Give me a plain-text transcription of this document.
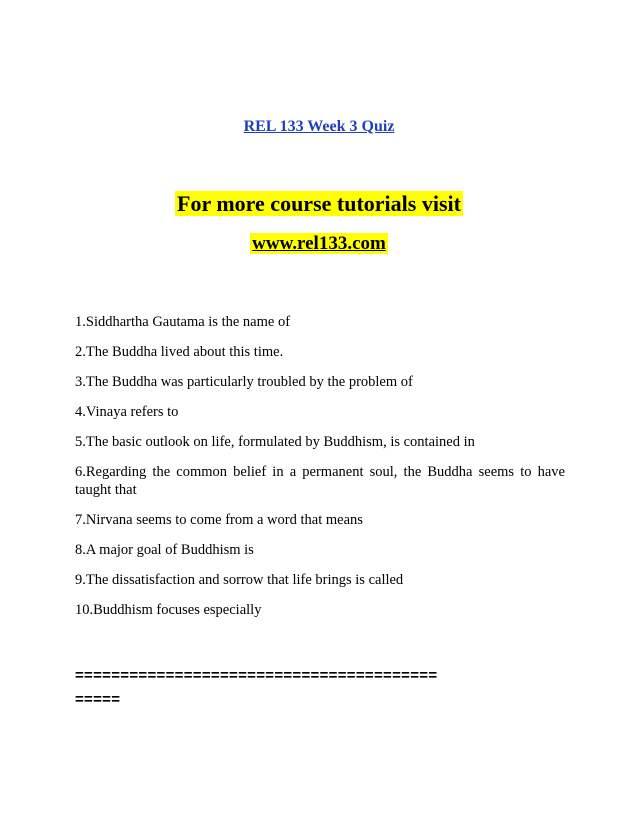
REL 133 Week 3 Quiz
For more course tutorials visit
www.rel133.com
1.Siddhartha Gautama is the name of
2.The Buddha lived about this time.
3.The Buddha was particularly troubled by the problem of
4.Vinaya refers to
5.The basic outlook on life, formulated by Buddhism, is contained in
6.Regarding the common belief in a permanent soul, the Buddha seems to have taught that
7.Nirvana seems to come from a word that means
8.A major goal of Buddhism is
9.The dissatisfaction and sorrow that life brings is called
10.Buddhism focuses especially
========================================
=====
